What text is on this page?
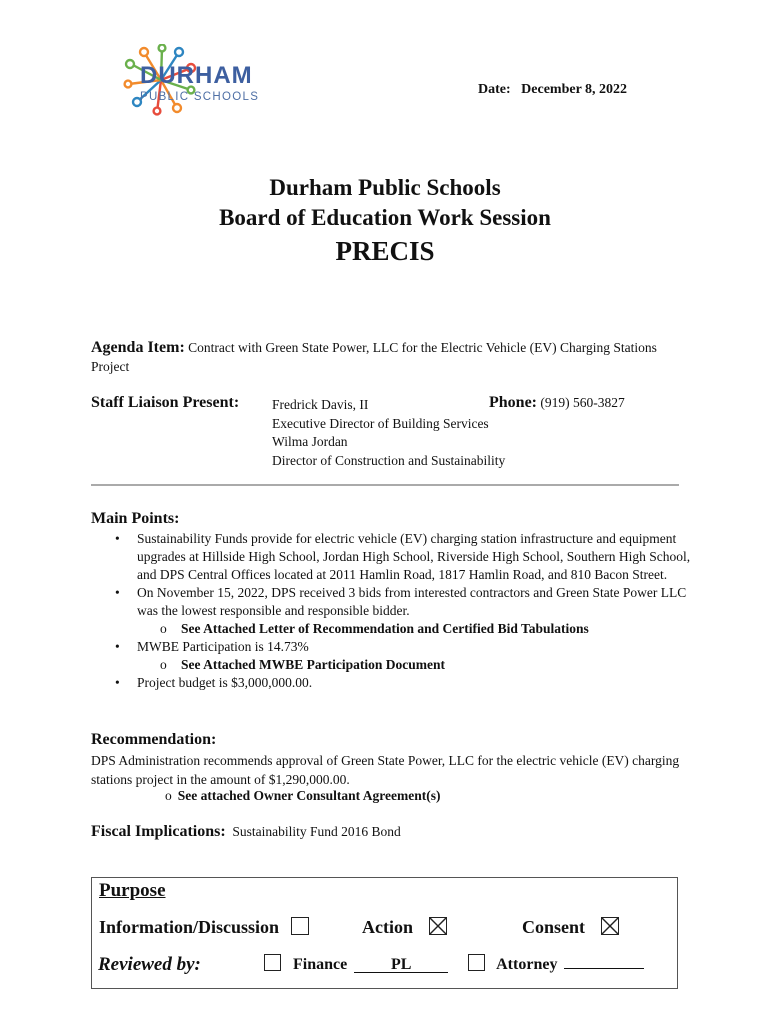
DURHAM
PUBLIC SCHOOLS	Date: December 8, 2022
Durham Public Schools
Board of Education Work Session
PRECIS
Agenda Item: Contract with Green State Power, LLC for the Electric Vehicle (EV) Charging Stations Project
Staff Liaison Present: Fredrick Davis, II
Executive Director of Building Services
Wilma Jordan
Director of Construction and Sustainability
Phone: (919) 560-3827
Main Points:
• Sustainability Funds provide for electric vehicle (EV) charging station infrastructure and equipment upgrades at Hillside High School, Jordan High School, Riverside High School, Southern High School, and DPS Central Offices located at 2011 Hamlin Road, 1817 Hamlin Road, and 810 Bacon Street.
• On November 15, 2022, DPS received 3 bids from interested contractors and Green State Power LLC was the lowest responsible and responsible bidder.
o See Attached Letter of Recommendation and Certified Bid Tabulations
• MWBE Participation is 14.73%
o See Attached MWBE Participation Document
• Project budget is $3,000,000.00.
Recommendation:
DPS Administration recommends approval of Green State Power, LLC for the electric vehicle (EV) charging stations project in the amount of $1,290,000.00.
o See attached Owner Consultant Agreement(s)
Fiscal Implications: Sustainability Fund 2016 Bond
Purpose
Information/Discussion	Action	Consent
Reviewed by:	Finance	PL	Attorney
